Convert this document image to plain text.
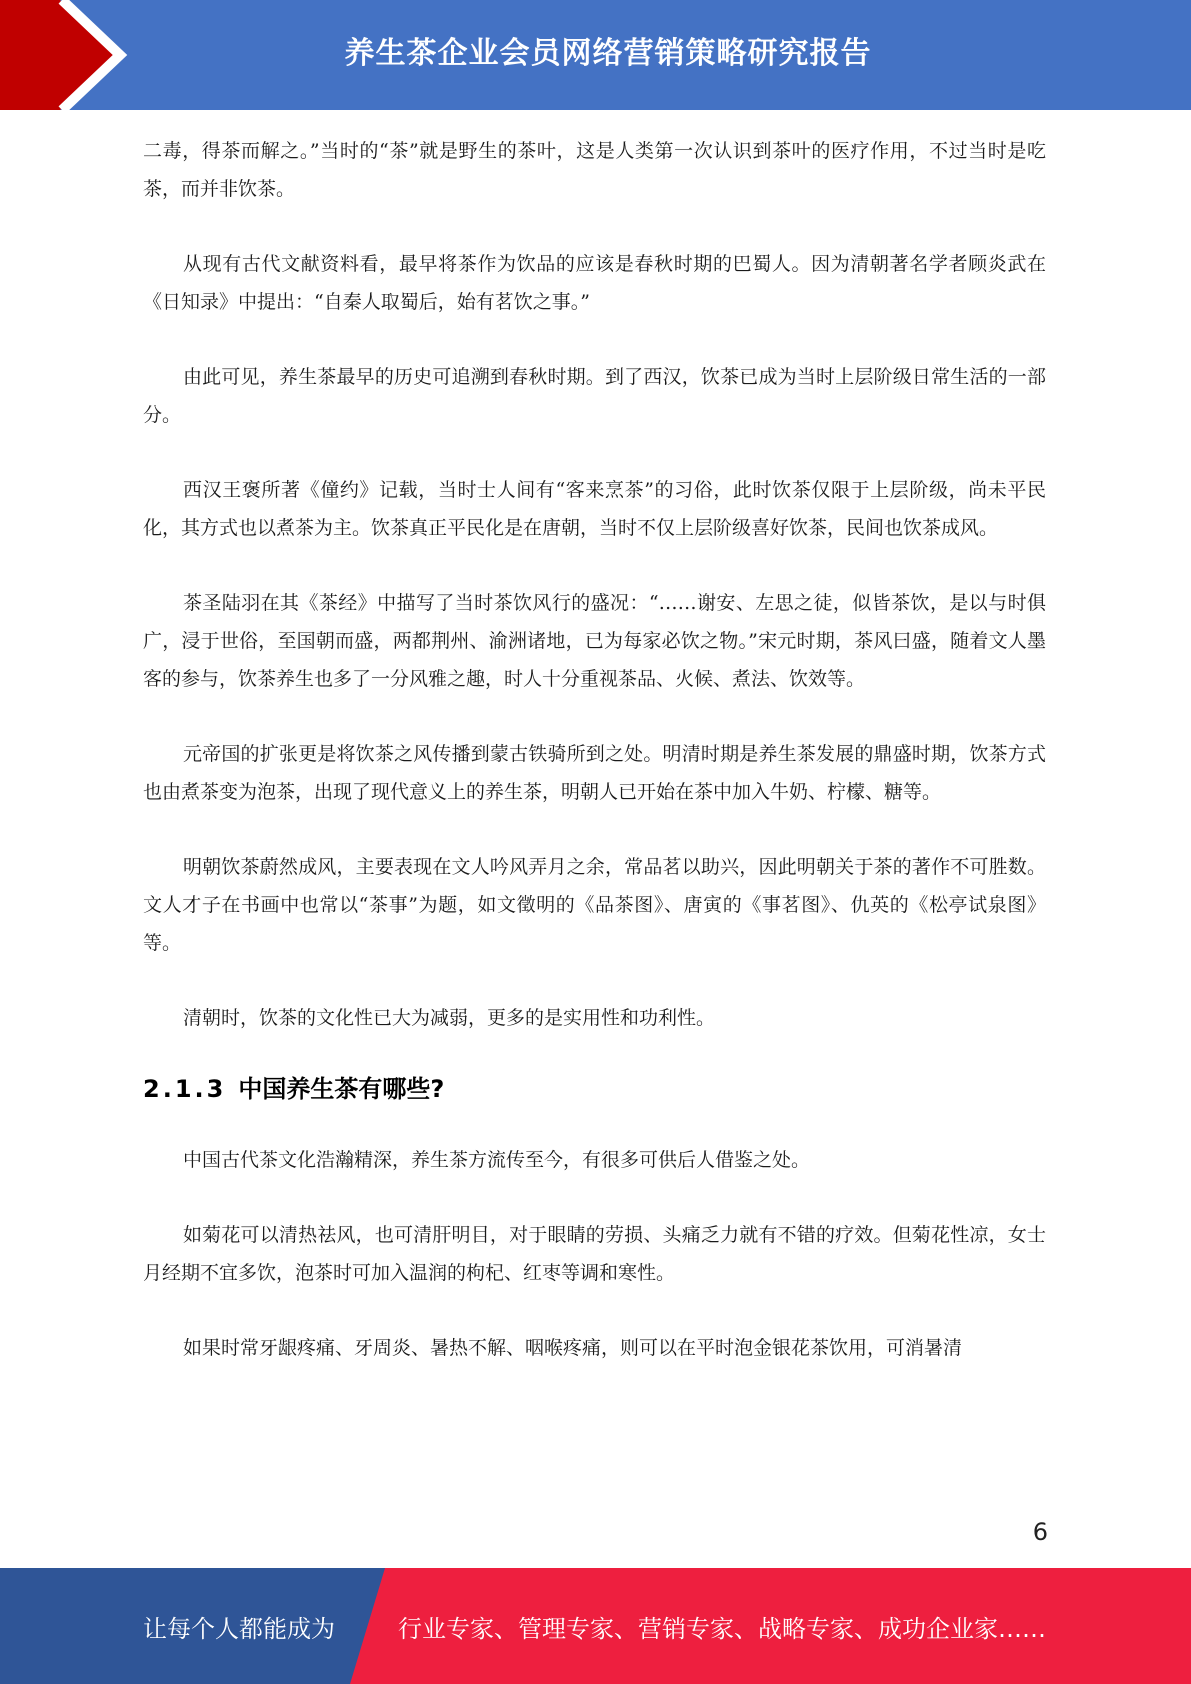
养生茶企业会员网络营销策略研究报告

二毒，得茶而解之。”当时的“茶”就是野生的茶叶，这是人类第一次认识到茶叶的医疗作用，不过当时是吃茶，而并非饮茶。

从现有古代文献资料看，最早将茶作为饮品的应该是春秋时期的巴蜀人。因为清朝著名学者顾炎武在《日知录》中提出：“自秦人取蜀后，始有茗饮之事。”

由此可见，养生茶最早的历史可追溯到春秋时期。到了西汉，饮茶已成为当时上层阶级日常生活的一部分。

西汉王褒所著《僮约》记载，当时士人间有“客来烹茶”的习俗，此时饮茶仅限于上层阶级，尚未平民化，其方式也以煮茶为主。饮茶真正平民化是在唐朝，当时不仅上层阶级喜好饮茶，民间也饮茶成风。

茶圣陆羽在其《茶经》中描写了当时茶饮风行的盛况：“……谢安、左思之徒，似皆茶饮，是以与时俱广，浸于世俗，至国朝而盛，两都荆州、渝洲诸地，已为每家必饮之物。”宋元时期，茶风曰盛，随着文人墨客的参与，饮茶养生也多了一分风雅之趣，时人十分重视茶品、火候、煮法、饮效等。

元帝国的扩张更是将饮茶之风传播到蒙古铁骑所到之处。明清时期是养生茶发展的鼎盛时期，饮茶方式也由煮茶变为泡茶，出现了现代意义上的养生茶，明朝人已开始在茶中加入牛奶、柠檬、糖等。

明朝饮茶蔚然成风，主要表现在文人吟风弄月之余，常品茗以助兴，因此明朝关于茶的著作不可胜数。文人才子在书画中也常以“茶事”为题，如文徵明的《品茶图》、唐寅的《事茗图》、仇英的《松亭试泉图》等。

清朝时，饮茶的文化性已大为减弱，更多的是实用性和功利性。

2.1.3 中国养生茶有哪些?

中国古代茶文化浩瀚精深，养生茶方流传至今，有很多可供后人借鉴之处。

如菊花可以清热祛风，也可清肝明目，对于眼睛的劳损、头痛乏力就有不错的疗效。但菊花性凉，女士月经期不宜多饮，泡茶时可加入温润的枸杞、红枣等调和寒性。

如果时常牙龈疼痛、牙周炎、暑热不解、咽喉疼痛，则可以在平时泡金银花茶饮用，可消暑清

6
让每个人都能成为	行业专家、管理专家、营销专家、战略专家、成功企业家……
